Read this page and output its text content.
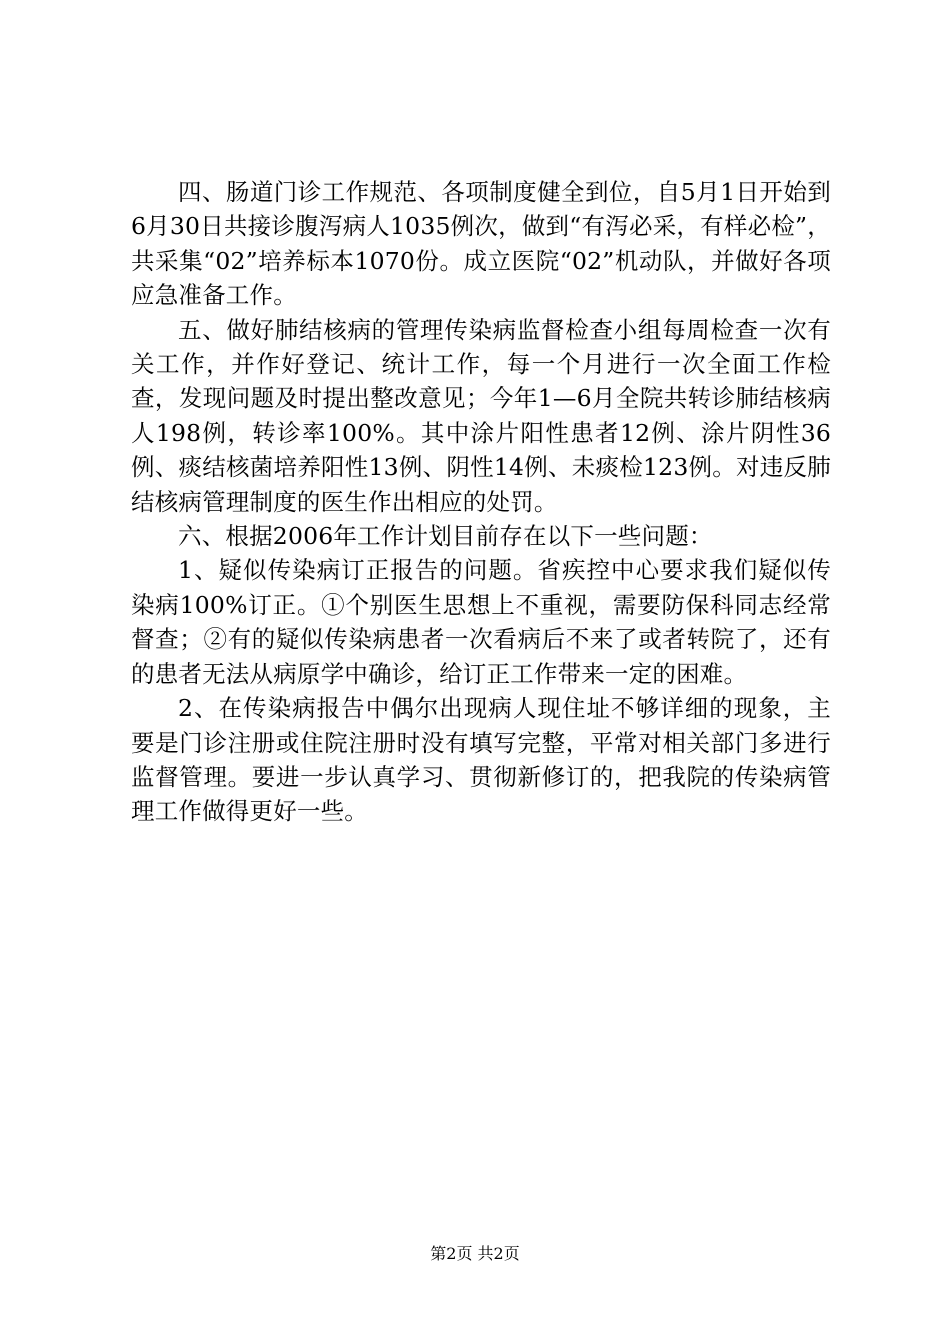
四、肠道门诊工作规范、各项制度健全到位，自5月1日开始到6月30日共接诊腹泻病人1035例次，做到“有泻必采，有样必检”，共采集“02”培养标本1070份。成立医院“02”机动队，并做好各项应急准备工作。

五、做好肺结核病的管理传染病监督检查小组每周检查一次有关工作，并作好登记、统计工作，每一个月进行一次全面工作检查，发现问题及时提出整改意见；今年1—6月全院共转诊肺结核病人198例，转诊率100%。其中涂片阳性患者12例、涂片阴性36例、痰结核菌培养阳性13例、阴性14例、未痰检123例。对违反肺结核病管理制度的医生作出相应的处罚。

六、根据2006年工作计划目前存在以下一些问题：

1、疑似传染病订正报告的问题。省疾控中心要求我们疑似传染病100%订正。①个别医生思想上不重视，需要防保科同志经常督查；②有的疑似传染病患者一次看病后不来了或者转院了，还有的患者无法从病原学中确诊，给订正工作带来一定的困难。

2、在传染病报告中偶尔出现病人现住址不够详细的现象，主要是门诊注册或住院注册时没有填写完整，平常对相关部门多进行监督管理。要进一步认真学习、贯彻新修订的，把我院的传染病管理工作做得更好一些。

第2页 共2页
